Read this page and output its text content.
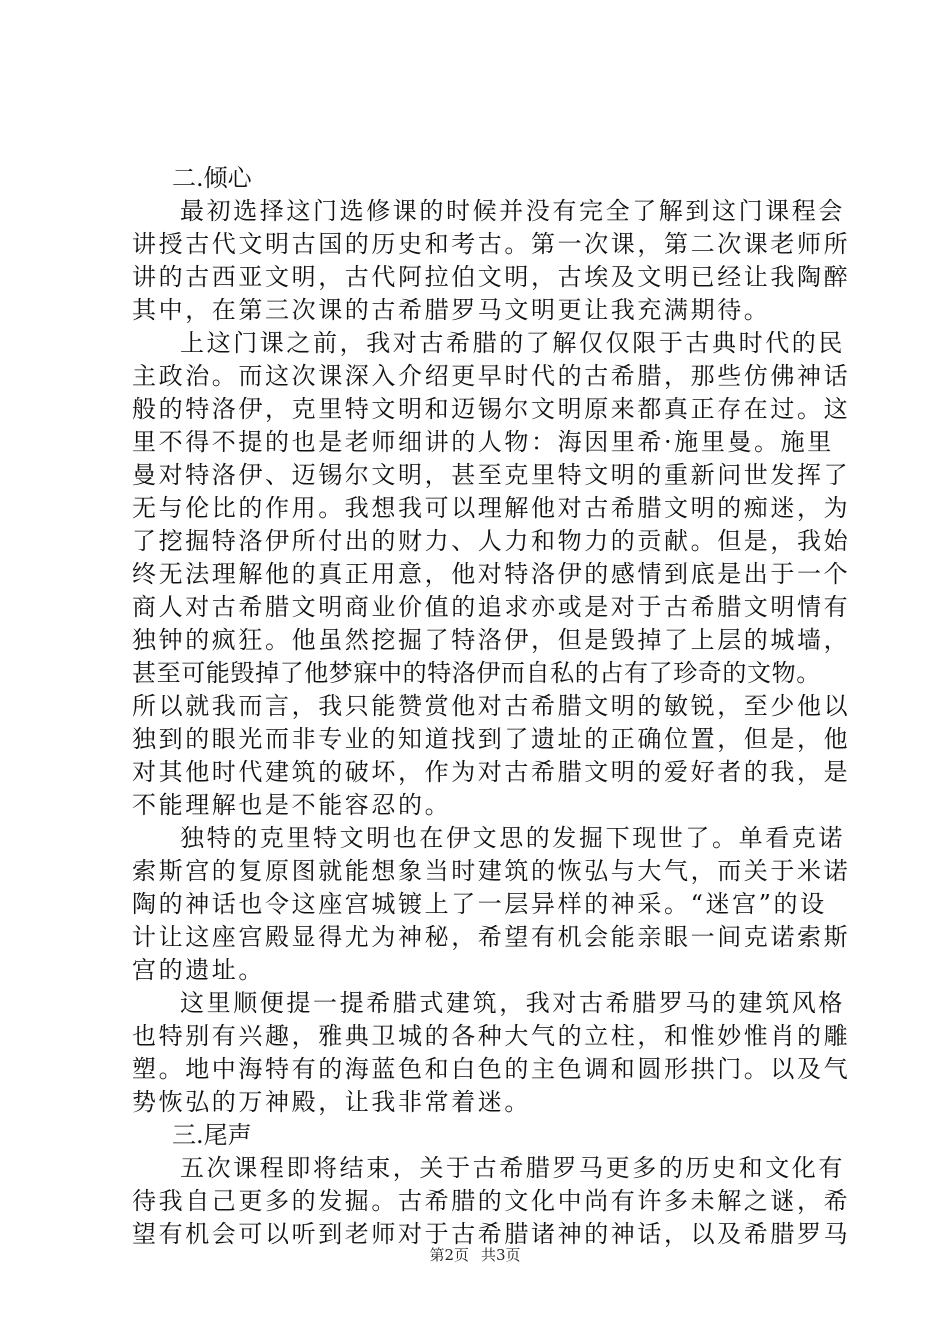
二.倾心

最初选择这门选修课的时候并没有完全了解到这门课程会
讲授古代文明古国的历史和考古。第一次课，第二次课老师所
讲的古西亚文明，古代阿拉伯文明，古埃及文明已经让我陶醉
其中，在第三次课的古希腊罗马文明更让我充满期待。

上这门课之前，我对古希腊的了解仅仅限于古典时代的民
主政治。而这次课深入介绍更早时代的古希腊，那些仿佛神话
般的特洛伊，克里特文明和迈锡尔文明原来都真正存在过。这
里不得不提的也是老师细讲的人物：海因里希·施里曼。施里
曼对特洛伊、迈锡尔文明，甚至克里特文明的重新问世发挥了
无与伦比的作用。我想我可以理解他对古希腊文明的痴迷，为
了挖掘特洛伊所付出的财力、人力和物力的贡献。但是，我始
终无法理解他的真正用意，他对特洛伊的感情到底是出于一个
商人对古希腊文明商业价值的追求亦或是对于古希腊文明情有
独钟的疯狂。他虽然挖掘了特洛伊，但是毁掉了上层的城墙，
甚至可能毁掉了他梦寐中的特洛伊而自私的占有了珍奇的文物。
所以就我而言，我只能赞赏他对古希腊文明的敏锐，至少他以
独到的眼光而非专业的知道找到了遗址的正确位置，但是，他
对其他时代建筑的破坏，作为对古希腊文明的爱好者的我，是
不能理解也是不能容忍的。

独特的克里特文明也在伊文思的发掘下现世了。单看克诺
索斯宫的复原图就能想象当时建筑的恢弘与大气，而关于米诺
陶的神话也令这座宫城镀上了一层异样的神采。“迷宫”的设
计让这座宫殿显得尤为神秘，希望有机会能亲眼一间克诺索斯
宫的遗址。

这里顺便提一提希腊式建筑，我对古希腊罗马的建筑风格
也特别有兴趣，雅典卫城的各种大气的立柱，和惟妙惟肖的雕
塑。地中海特有的海蓝色和白色的主色调和圆形拱门。以及气
势恢弘的万神殿，让我非常着迷。

三.尾声

五次课程即将结束，关于古希腊罗马更多的历史和文化有
待我自己更多的发掘。古希腊的文化中尚有许多未解之谜，希
望有机会可以听到老师对于古希腊诸神的神话，以及希腊罗马

第2页 共3页
